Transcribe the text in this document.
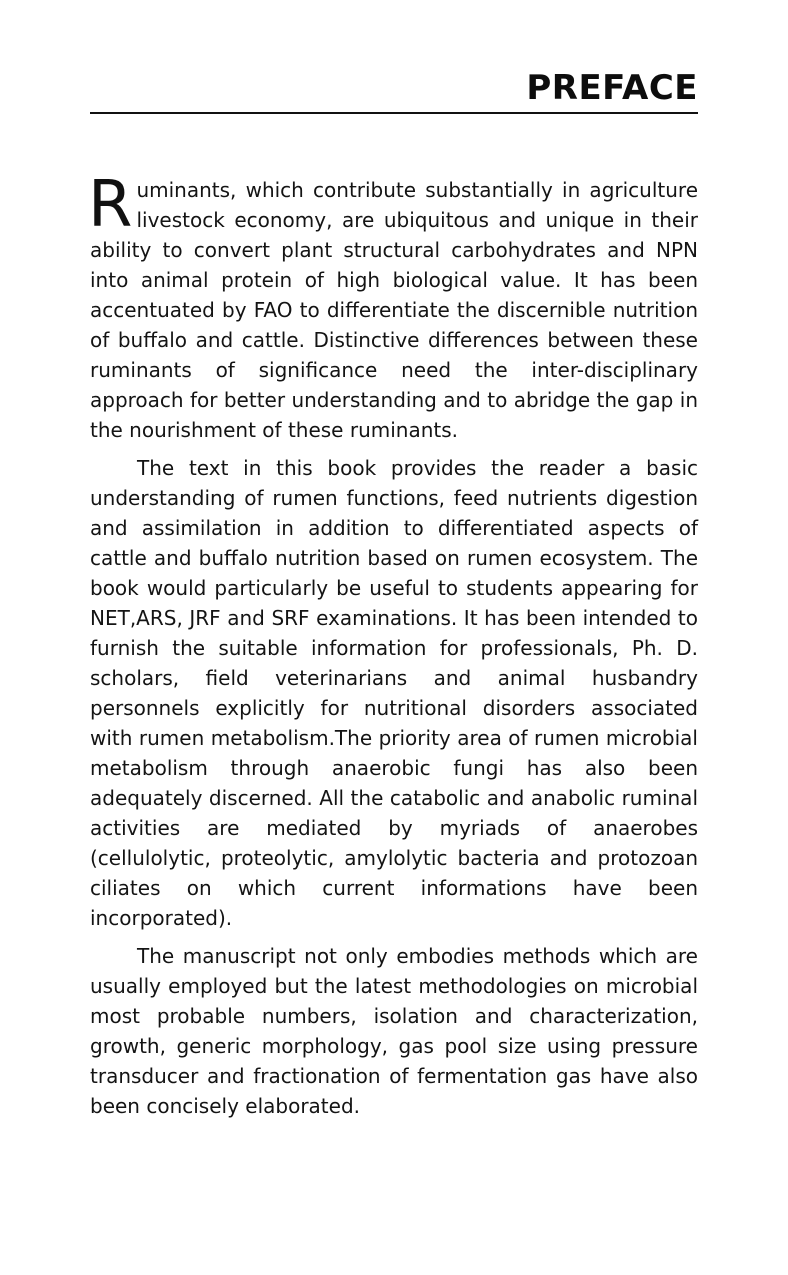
PREFACE

Ruminants, which contribute substantially in agriculture livestock economy, are ubiquitous and unique in their ability to convert plant structural carbohydrates and NPN into animal protein of high biological value. It has been accentuated by FAO to differentiate the discernible nutrition of buffalo and cattle. Distinctive differences between these ruminants of significance need the inter-disciplinary approach for better understanding and to abridge the gap in the nourishment of these ruminants.

The text in this book provides the reader a basic understanding of rumen functions, feed nutrients digestion and assimilation in addition to differentiated aspects of cattle and buffalo nutrition based on rumen ecosystem. The book would particularly be useful to students appearing for NET,ARS, JRF and SRF examinations. It has been intended to furnish the suitable information for professionals, Ph. D. scholars, field veterinarians and animal husbandry personnels explicitly for nutritional disorders associated with rumen metabolism.The priority area of rumen microbial metabolism through anaerobic fungi has also been adequately discerned. All the catabolic and anabolic ruminal activities are mediated by myriads of anaerobes (cellulolytic, proteolytic, amylolytic bacteria and protozoan ciliates on which current informations have been incorporated).

The manuscript not only embodies methods which are usually employed but the latest methodologies on microbial most probable numbers, isolation and characterization, growth, generic morphology, gas pool size using pressure transducer and fractionation of fermentation gas have also been concisely elaborated.
